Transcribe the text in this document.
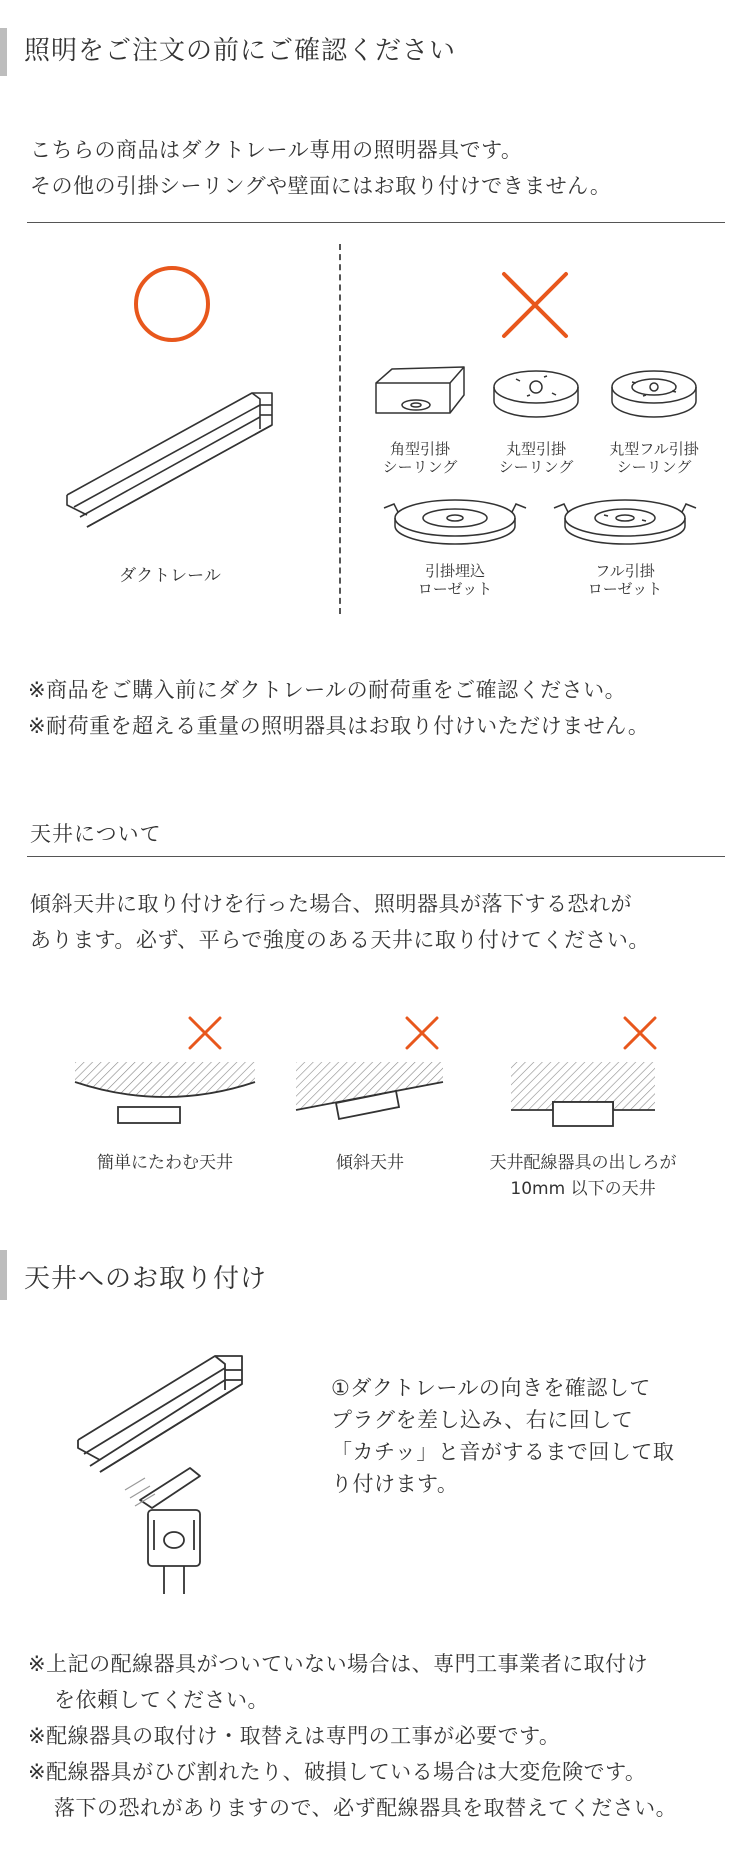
照明をご注文の前にご確認ください
こちらの商品はダクトレール専用の照明器具です。
その他の引掛シーリングや壁面にはお取り付けできません。
ダクトレール
角型引掛
シーリング
丸型引掛
シーリング
丸型フル引掛
シーリング
引掛埋込
ローゼット
フル引掛
ローゼット
※商品をご購入前にダクトレールの耐荷重をご確認ください。
※耐荷重を超える重量の照明器具はお取り付けいただけません。
天井について
傾斜天井に取り付けを行った場合、照明器具が落下する恐れが
あります。必ず、平らで強度のある天井に取り付けてください。
簡単にたわむ天井	傾斜天井	天井配線器具の出しろが
10mm 以下の天井
天井へのお取り付け
①ダクトレールの向きを確認して
プラグを差し込み、右に回して
「カチッ」と音がするまで回して取
り付けます。
※上記の配線器具がついていない場合は、専門工事業者に取付け
を依頼してください。
※配線器具の取付け・取替えは専門の工事が必要です。
※配線器具がひび割れたり、破損している場合は大変危険です。
落下の恐れがありますので、必ず配線器具を取替えてください。
